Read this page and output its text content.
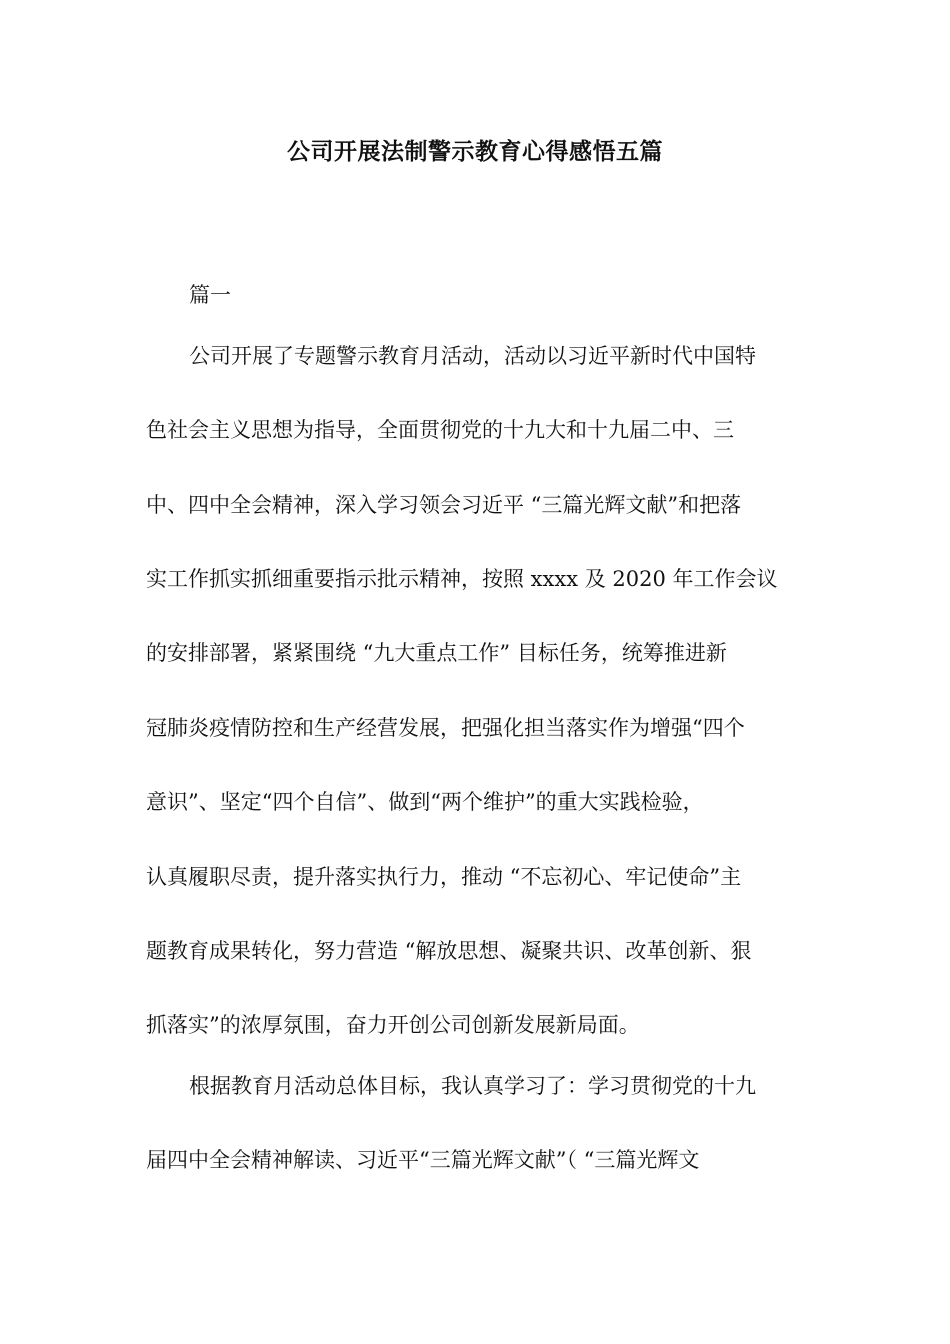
公司开展法制警示教育心得感悟五篇
篇一
公司开展了专题警示教育月活动，活动以习近平新时代中国特
色社会主义思想为指导，全面贯彻党的十九大和十九届二中、三
中、四中全会精神，深入学习领会习近平 “三篇光辉文献”和把落
实工作抓实抓细重要指示批示精神，按照 xxxx 及 2020 年工作会议
的安排部署，紧紧围绕 “九大重点工作” 目标任务，统筹推进新
冠肺炎疫情防控和生产经营发展，把强化担当落实作为增强“四个
意识”、坚定“四个自信”、做到“两个维护”的重大实践检验，
认真履职尽责，提升落实执行力，推动 “不忘初心、牢记使命”主
题教育成果转化，努力营造 “解放思想、凝聚共识、改革创新、狠
抓落实”的浓厚氛围，奋力开创公司创新发展新局面。
根据教育月活动总体目标，我认真学习了：学习贯彻党的十九
届四中全会精神解读、习近平“三篇光辉文献”（ “三篇光辉文
